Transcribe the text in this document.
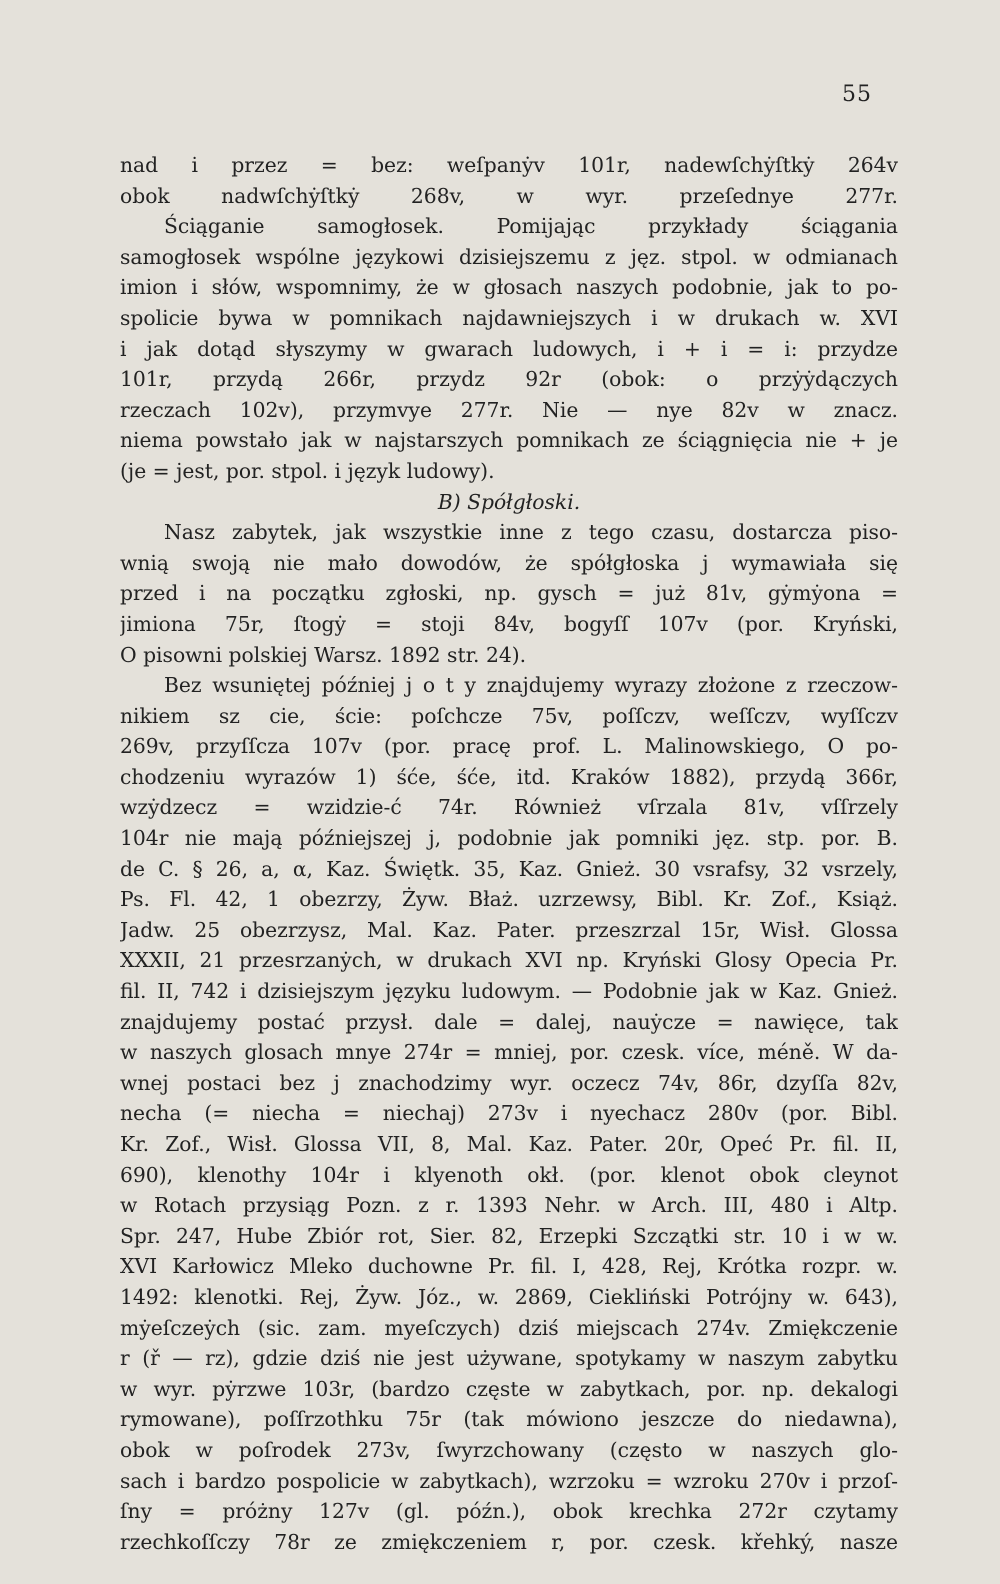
55
nad i przez = bez: weſpanẏv 101r, nadewſchẏſtkẏ 264v
obok nadwſchẏſtkẏ 268v, w wyr. przeſednye 277r.
Ściąganie samogłosek. Pomijając przykłady ściągania
samogłosek wspólne językowi dzisiejszemu z jęz. stpol. w odmianach
imion i słów, wspomnimy, że w głosach naszych podobnie, jak to po-
spolicie bywa w pomnikach najdawniejszych i w drukach w. XVI
i jak dotąd słyszymy w gwarach ludowych, i + i = i: przydze
101r, przydą 266r, przydz 92r (obok: o przẏẏdączych
rzeczach 102v), przymvye 277r. Nie — nye 82v w znacz.
niema powstało jak w najstarszych pomnikach ze ściągnięcia nie + je
(je = jest, por. stpol. i język ludowy).
B) Spółgłoski.
Nasz zabytek, jak wszystkie inne z tego czasu, dostarcza piso-
wnią swoją nie mało dowodów, że spółgłoska j wymawiała się
przed i na początku zgłoski, np. gysch = już 81v, gẏmẏona =
jimiona 75r, ſtogẏ = stoji 84v, bogyſſ 107v (por. Kryński,
O pisowni polskiej Warsz. 1892 str. 24).
Bez wsuniętej później j o t y znajdujemy wyrazy złożone z rzeczow-
nikiem sz cie, ście: poſchcze 75v, poſſczv, weſſczv, wyſſczv
269v, przyſſcza 107v (por. pracę prof. L. Malinowskiego, O po-
chodzeniu wyrazów 1) śće, śće, itd. Kraków 1882), przydą 366r,
wzẏdzecz = wzidzie-ć 74r. Również vſrzala 81v, vſſrzely
104r nie mają późniejszej j, podobnie jak pomniki jęz. stp. por. B.
de C. § 26, a, α, Kaz. Świętk. 35, Kaz. Gnież. 30 vsrafsy, 32 vsrzely,
Ps. Fl. 42, 1 obezrzy, Żyw. Błaż. uzrzewsy, Bibl. Kr. Zof., Książ.
Jadw. 25 obezrzysz, Mal. Kaz. Pater. przeszrzal 15r, Wisł. Glossa
XXXII, 21 przesrzanẏch, w drukach XVI np. Kryński Glosy Opecia Pr.
fil. II, 742 i dzisiejszym języku ludowym. — Podobnie jak w Kaz. Gnież.
znajdujemy postać przysł. dale = dalej, nauẏcze = nawięce, tak
w naszych glosach mnye 274r = mniej, por. czesk. více, méně. W da-
wnej postaci bez j znachodzimy wyr. oczecz 74v, 86r, dzyſſa 82v,
necha (= niecha = niechaj) 273v i nyechacz 280v (por. Bibl.
Kr. Zof., Wisł. Glossa VII, 8, Mal. Kaz. Pater. 20r, Opeć Pr. fil. II,
690), klenothy 104r i klyenoth okł. (por. klenot obok cleynot
w Rotach przysiąg Pozn. z r. 1393 Nehr. w Arch. III, 480 i Altp.
Spr. 247, Hube Zbiór rot, Sier. 82, Erzepki Szczątki str. 10 i w w.
XVI Karłowicz Mleko duchowne Pr. fil. I, 428, Rej, Krótka rozpr. w.
1492: klenotki. Rej, Żyw. Józ., w. 2869, Ciekliński Potrójny w. 643),
mẏeſczeẏch (sic. zam. myeſczych) dziś miejscach 274v. Zmiękczenie
r (ř — rz), gdzie dziś nie jest używane, spotykamy w naszym zabytku
w wyr. pẏrzwe 103r, (bardzo częste w zabytkach, por. np. dekalogi
rymowane), poſſrzothku 75r (tak mówiono jeszcze do niedawna),
obok w poſrodek 273v, ſwyrzchowany (często w naszych glo-
sach i bardzo pospolicie w zabytkach), wzrzoku = wzroku 270v i przoſ-
ſny = próżny 127v (gl. późn.), obok krechka 272r czytamy
rzechkoſſczy 78r ze zmiękczeniem r, por. czesk. křehký, nasze
